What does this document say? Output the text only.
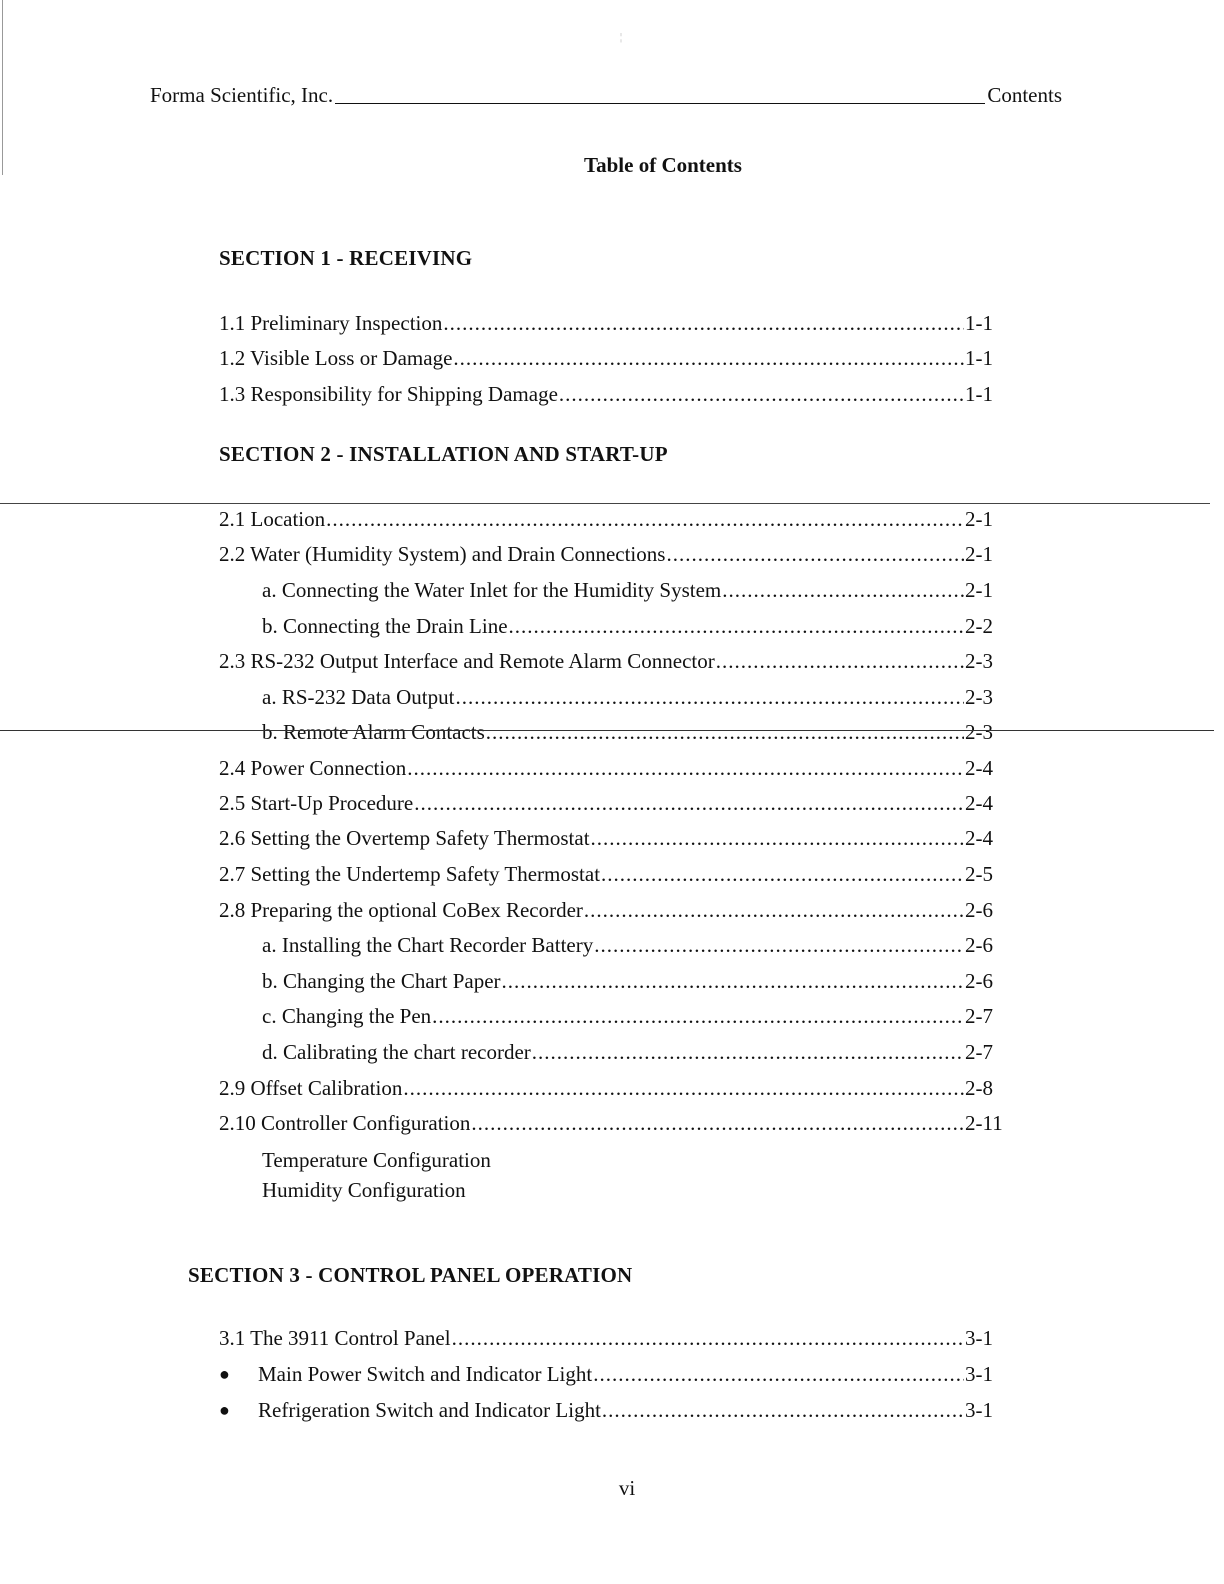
¦
Forma Scientific, Inc.	Contents
Table of Contents
SECTION 1 - RECEIVING
1.1 Preliminary Inspection .....	1-1
1.2 Visible Loss or Damage .....	1-1
1.3 Responsibility for Shipping Damage .....	1-1
SECTION 2 - INSTALLATION AND START-UP
2.1 Location .....	2-1
2.2 Water (Humidity System) and Drain Connections .....	2-1
a. Connecting the Water Inlet for the Humidity System .....	2-1
b. Connecting the Drain Line .....	2-2
2.3 RS-232 Output Interface and Remote Alarm Connector .....	2-3
a. RS-232 Data Output .....	2-3
b. Remote Alarm Contacts .....	2-3
2.4 Power Connection .....	2-4
2.5 Start-Up Procedure .....	2-4
2.6 Setting the Overtemp Safety Thermostat .....	2-4
2.7 Setting the Undertemp Safety Thermostat .....	2-5
2.8 Preparing the optional CoBex Recorder .....	2-6
a. Installing the Chart Recorder Battery .....	2-6
b. Changing the Chart Paper .....	2-6
c. Changing the Pen .....	2-7
d. Calibrating the chart recorder .....	2-7
2.9 Offset Calibration .....	2-8
2.10 Controller Configuration .....	2-11
Temperature Configuration
Humidity Configuration
SECTION 3 - CONTROL PANEL OPERATION
3.1 The 3911 Control Panel .....	3-1
● Main Power Switch and Indicator Light .....	3-1
● Refrigeration Switch and Indicator Light .....	3-1
vi
